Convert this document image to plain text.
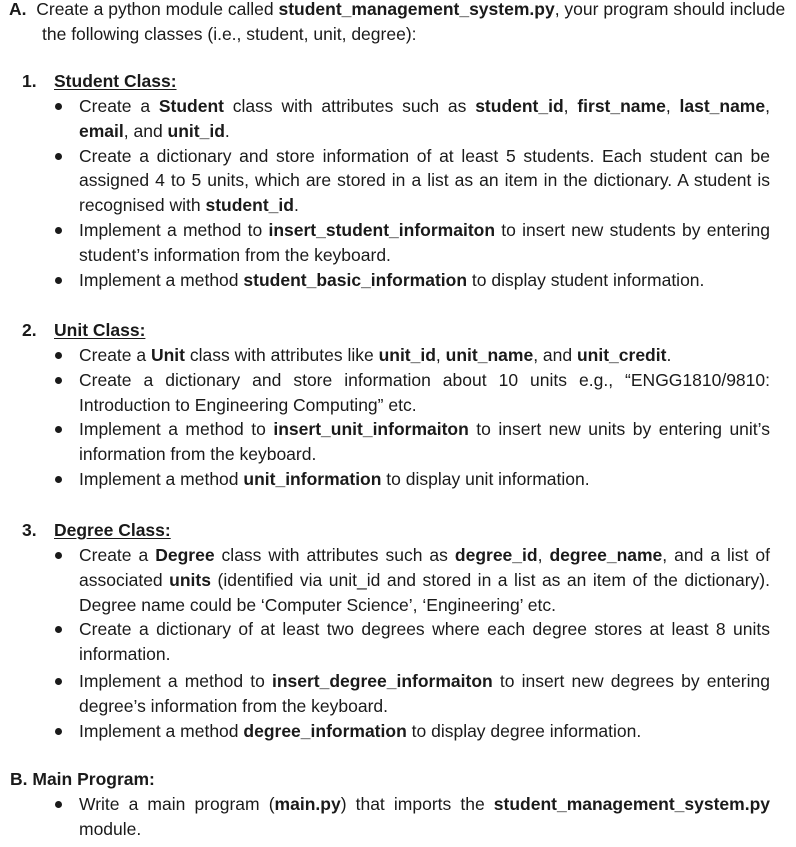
A. Create a python module called student_management_system.py, your program should include the following classes (i.e., student, unit, degree):

1. Student Class:
Create a Student class with attributes such as student_id, first_name, last_name, email, and unit_id.
Create a dictionary and store information of at least 5 students. Each student can be assigned 4 to 5 units, which are stored in a list as an item in the dictionary. A student is recognised with student_id.
Implement a method to insert_student_informaiton to insert new students by entering student’s information from the keyboard.
Implement a method student_basic_information to display student information.
2. Unit Class:
Create a Unit class with attributes like unit_id, unit_name, and unit_credit.
Create a dictionary and store information about 10 units e.g., “ENGG1810/9810: Introduction to Engineering Computing” etc.
Implement a method to insert_unit_informaiton to insert new units by entering unit’s information from the keyboard.
Implement a method unit_information to display unit information.
3. Degree Class:
Create a Degree class with attributes such as degree_id, degree_name, and a list of associated units (identified via unit_id and stored in a list as an item of the dictionary). Degree name could be ‘Computer Science’, ‘Engineering’ etc.
Create a dictionary of at least two degrees where each degree stores at least 8 units information.
Implement a method to insert_degree_informaiton to insert new degrees by entering degree’s information from the keyboard.
Implement a method degree_information to display degree information.
B. Main Program:
Write a main program (main.py) that imports the student_management_system.py module.
